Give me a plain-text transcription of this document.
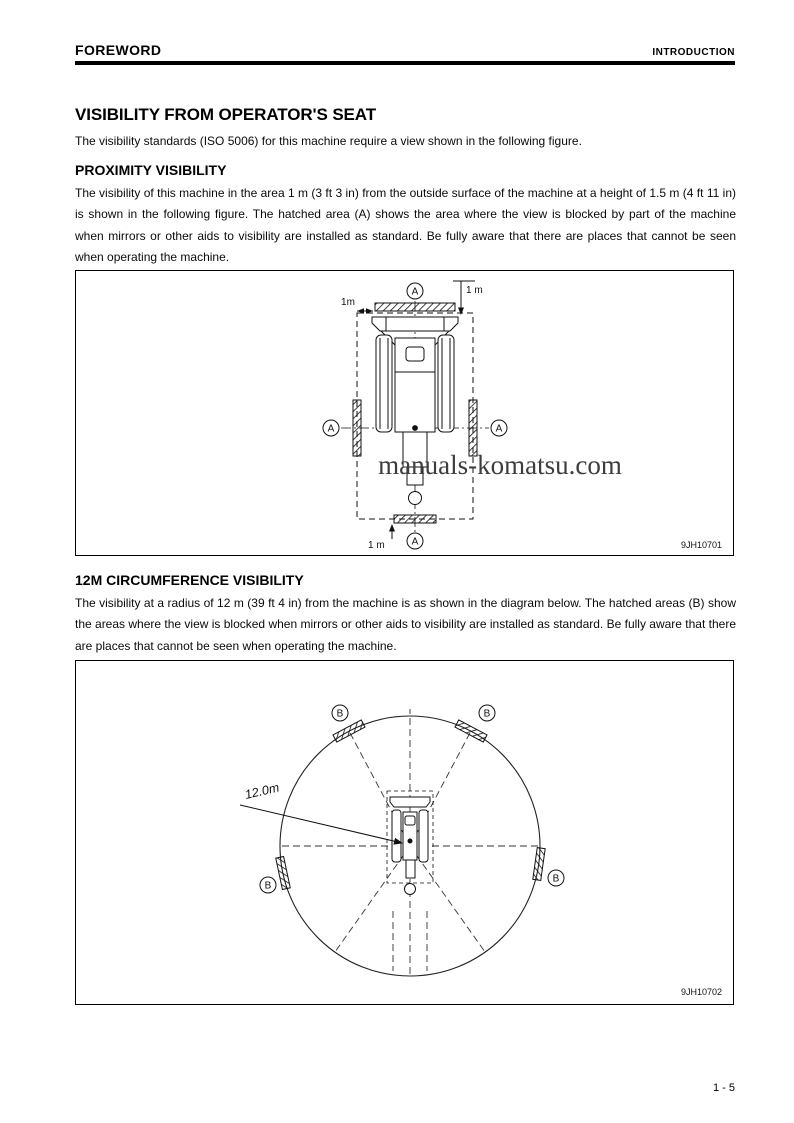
FOREWORD	INTRODUCTION
VISIBILITY FROM OPERATOR'S SEAT

The visibility standards (ISO 5006) for this machine require a view shown in the following figure.

PROXIMITY VISIBILITY

The visibility of this machine in the area 1 m (3 ft 3 in) from the outside surface of the machine at a height of 1.5 m (4 ft 11 in) is shown in the following figure. The hatched area (A) shows the area where the view is blocked by part of the machine when mirrors or other aids to visibility are installed as standard. Be fully aware that there are places that cannot be seen when operating the machine.

1m
1 m
1 m
A
A	A
A
manuals-komatsu.com
9JH10701
12M CIRCUMFERENCE VISIBILITY

The visibility at a radius of 12 m (39 ft 4 in) from the machine is as shown in the diagram below. The hatched areas (B) show the areas where the view is blocked when mirrors or other aids to visibility are installed as standard. Be fully aware that there are places that cannot be seen when operating the machine.

12.0m
B	B
B
B
9JH10702
1 - 5
